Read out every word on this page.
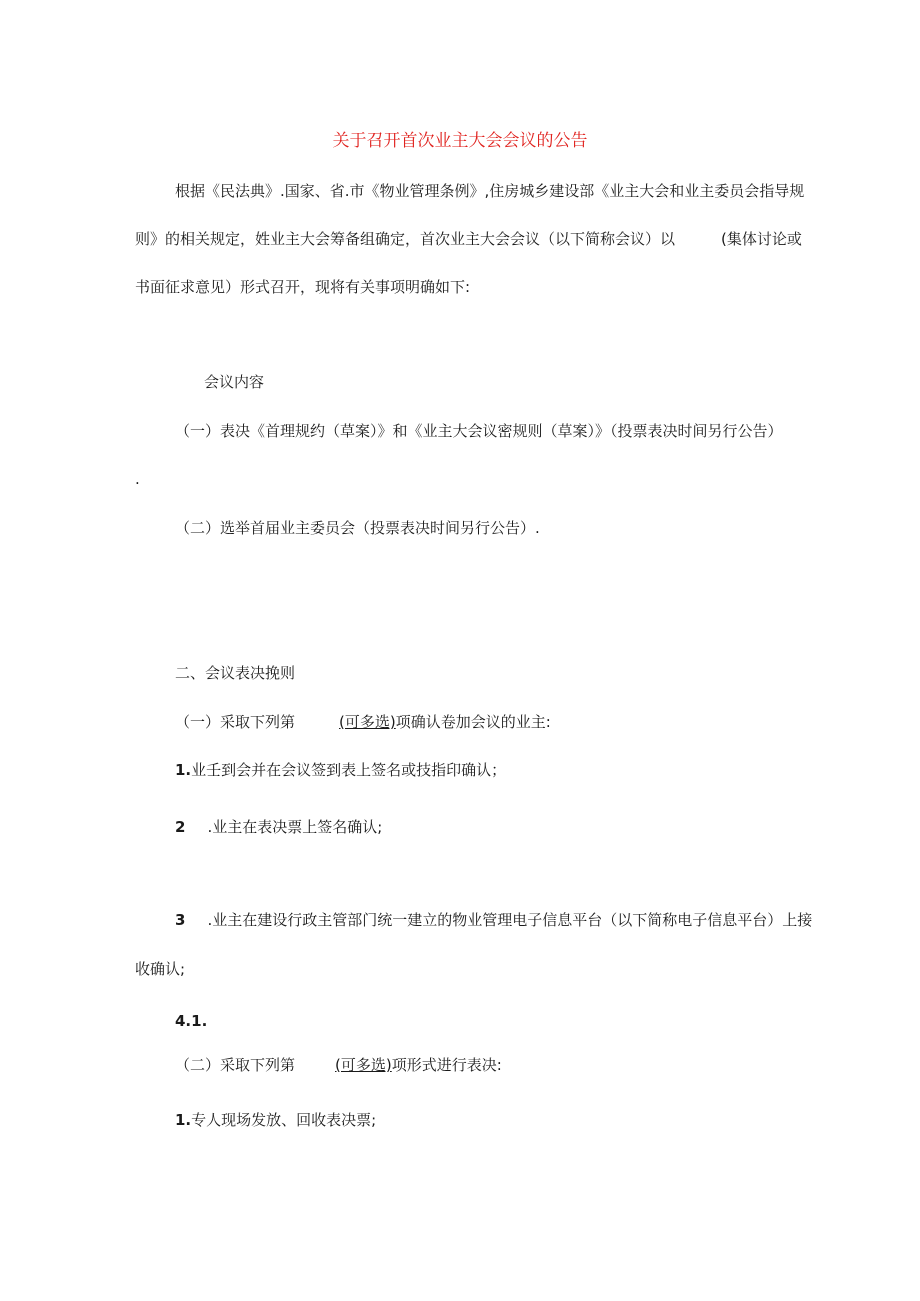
关于召开首次业主大会会议的公告
根据《民法典》.国家、省.市《物业管理条例》,住房城乡建设部《业主大会和业主委员会指导规
则》的相关规定，姓业主大会筹备组确定，首次业主大会会议（以下简称会议）以	(集体讨论或
书面征求意见）形式召开，现将有关事项明确如下:
会议内容
（一）表决《首理规约（草案）》和《业主大会议密规则（草案）》（投票表决时间另行公告）
.
（二）选举首届业主委员会（投票表决时间另行公告）.
二、会议表决挽则
（一）采取下列第	(可多选)项确认卷加会议的业主:
1.业壬到会并在会议签到表上签名或技指印确认；
2 .业主在表决票上签名确认;
3 .业主在建设行政主管部门统一建立的物业管理电子信息平台（以下简称电子信息平台）上接
收确认;
4.1.
（二）采取下列第	(可多选)项形式进行表决:
1.专人现场发放、回收表决票;
